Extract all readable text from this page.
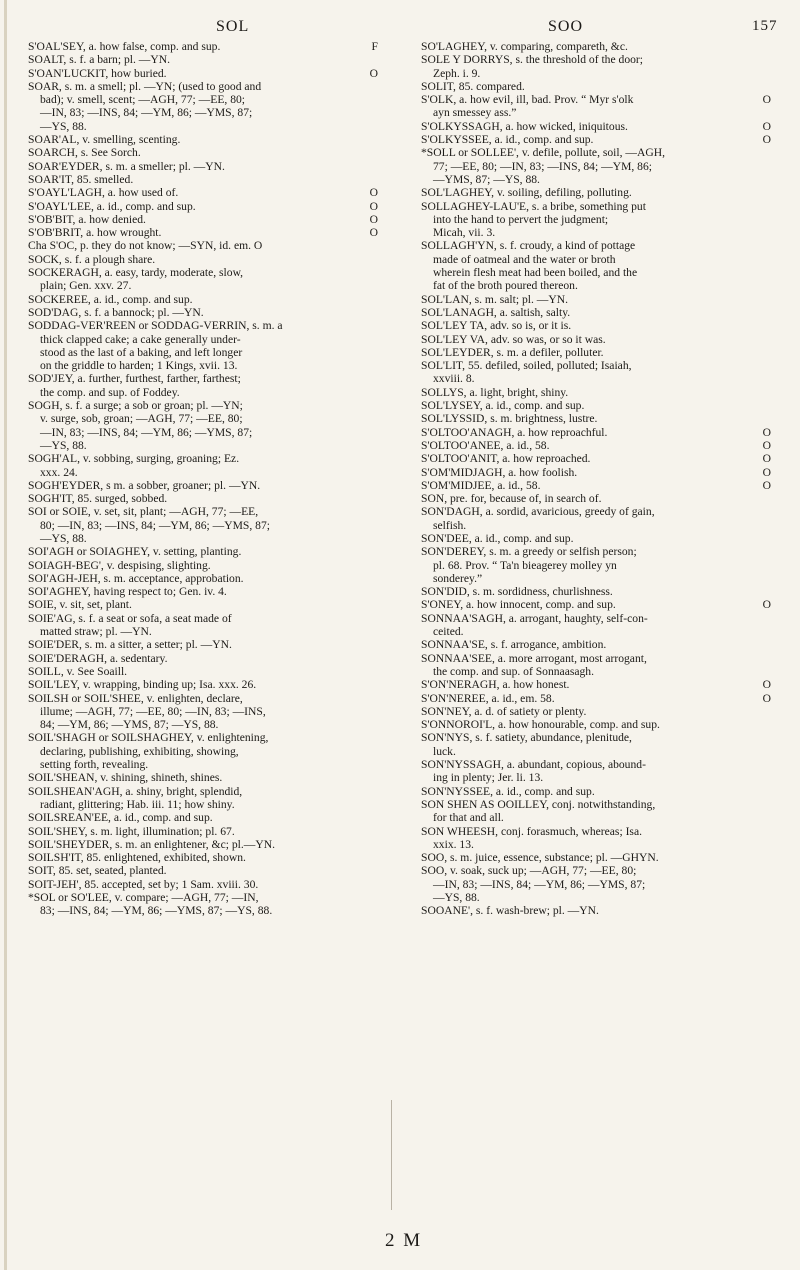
SOL	SOO	157
S'OAL'SEY, a. how false, comp. and sup.	F
SOALT, s. f. a barn; pl. —YN.
S'OAN'LUCKIT, how buried.	O
SOAR, s. m. a smell; pl. —YN; (used to good and
bad); v. smell, scent; —AGH, 77; —EE, 80;
—IN, 83; —INS, 84; —YM, 86; —YMS, 87;
—YS, 88.
SOAR'AL, v. smelling, scenting.
SOARCH, s. See Sorch.
SOAR'EYDER, s. m. a smeller; pl. —YN.
SOAR'IT, 85. smelled.
S'OAYL'LAGH, a. how used of.	O
S'OAYL'LEE, a. id., comp. and sup.	O
S'OB'BIT, a. how denied.	O
S'OB'BRIT, a. how wrought.	O
Cha S'OC, p. they do not know; —SYN, id. em. O
SOCK, s. f. a plough share.
SOCKERAGH, a. easy, tardy, moderate, slow,
plain; Gen. xxv. 27.
SOCKEREE, a. id., comp. and sup.
SOD'DAG, s. f. a bannock; pl. —YN.
SODDAG-VER'REEN or SODDAG-VERRIN, s. m. a
thick clapped cake; a cake generally under-
stood as the last of a baking, and left longer
on the griddle to harden; 1 Kings, xvii. 13.
SOD'JEY, a. further, furthest, farther, farthest;
the comp. and sup. of Foddey.
SOGH, s. f. a surge; a sob or groan; pl. —YN;
v. surge, sob, groan; —AGH, 77; —EE, 80;
—IN, 83; —INS, 84; —YM, 86; —YMS, 87;
—YS, 88.
SOGH'AL, v. sobbing, surging, groaning; Ez.
xxx. 24.
SOGH'EYDER, s m. a sobber, groaner; pl. —YN.
SOGH'IT, 85. surged, sobbed.
SOI or SOIE, v. set, sit, plant; —AGH, 77; —EE,
80; —IN, 83; —INS, 84; —YM, 86; —YMS, 87;
—YS, 88.
SOI'AGH or SOIAGHEY, v. setting, planting.
SOIAGH-BEG', v. despising, slighting.
SOI'AGH-JEH, s. m. acceptance, approbation.
SOI'AGHEY, having respect to; Gen. iv. 4.
SOIE, v. sit, set, plant.
SOIE'AG, s. f. a seat or sofa, a seat made of
matted straw; pl. —YN.
SOIE'DER, s. m. a sitter, a setter; pl. —YN.
SOIE'DERAGH, a. sedentary.
SOILL, v. See Soaill.
SOIL'LEY, v. wrapping, binding up; Isa. xxx. 26.
SOILSH or SOIL'SHEE, v. enlighten, declare,
illume; —AGH, 77; —EE, 80; —IN, 83; —INS,
84; —YM, 86; —YMS, 87; —YS, 88.
SOIL'SHAGH or SOILSHAGHEY, v. enlightening,
declaring, publishing, exhibiting, showing,
setting forth, revealing.
SOIL'SHEAN, v. shining, shineth, shines.
SOILSHEAN'AGH, a. shiny, bright, splendid,
radiant, glittering; Hab. iii. 11; how shiny.
SOILSREAN'EE, a. id., comp. and sup.
SOIL'SHEY, s. m. light, illumination; pl. 67.
SOIL'SHEYDER, s. m. an enlightener, &c; pl.—YN.
SOILSH'IT, 85. enlightened, exhibited, shown.
SOIT, 85. set, seated, planted.
SOIT-JEH', 85. accepted, set by; 1 Sam. xviii. 30.
*SOL or SO'LEE, v. compare; —AGH, 77; —IN,
83; —INS, 84; —YM, 86; —YMS, 87; —YS, 88.
SO'LAGHEY, v. comparing, compareth, &c.
SOLE Y DORRYS, s. the threshold of the door;
Zeph. i. 9.
SOLIT, 85. compared.
S'OLK, a. how evil, ill, bad. Prov. “ Myr s'olk	O
ayn smessey ass.”
S'OLKYSSAGH, a. how wicked, iniquitous.	O
S'OLKYSSEE, a. id., comp. and sup.	O
*SOLL or SOLLEE', v. defile, pollute, soil, —AGH,
77; —EE, 80; —IN, 83; —INS, 84; —YM, 86;
—YMS, 87; —YS, 88.
SOL'LAGHEY, v. soiling, defiling, polluting.
SOLLAGHEY-LAU'E, s. a bribe, something put
into the hand to pervert the judgment;
Micah, vii. 3.
SOLLAGH'YN, s. f. croudy, a kind of pottage
made of oatmeal and the water or broth
wherein flesh meat had been boiled, and the
fat of the broth poured thereon.
SOL'LAN, s. m. salt; pl. —YN.
SOL'LANAGH, a. saltish, salty.
SOL'LEY TA, adv. so is, or it is.
SOL'LEY VA, adv. so was, or so it was.
SOL'LEYDER, s. m. a defiler, polluter.
SOL'LIT, 55. defiled, soiled, polluted; Isaiah,
xxviii. 8.
SOLLYS, a. light, bright, shiny.
SOL'LYSEY, a. id., comp. and sup.
SOL'LYSSID, s. m. brightness, lustre.
S'OLTOO'ANAGH, a. how reproachful.	O
S'OLTOO'ANEE, a. id., 58.	O
S'OLTOO'ANIT, a. how reproached.	O
S'OM'MIDJAGH, a. how foolish.	O
S'OM'MIDJEE, a. id., 58.	O
SON, pre. for, because of, in search of.
SON'DAGH, a. sordid, avaricious, greedy of gain,
selfish.
SON'DEE, a. id., comp. and sup.
SON'DEREY, s. m. a greedy or selfish person;
pl. 68. Prov. “ Ta'n bieagerey molley yn
sonderey.”
SON'DID, s. m. sordidness, churlishness.
S'ONEY, a. how innocent, comp. and sup.	O
SONNAA'SAGH, a. arrogant, haughty, self-con-
ceited.
SONNAA'SE, s. f. arrogance, ambition.
SONNAA'SEE, a. more arrogant, most arrogant,
the comp. and sup. of Sonnaasagh.
S'ON'NERAGH, a. how honest.	O
S'ON'NEREE, a. id., em. 58.	O
SON'NEY, a. d. of satiety or plenty.
S'ONNOROI'L, a. how honourable, comp. and sup.
SON'NYS, s. f. satiety, abundance, plenitude,
luck.
SON'NYSSAGH, a. abundant, copious, abound-
ing in plenty; Jer. li. 13.
SON'NYSSEE, a. id., comp. and sup.
SON SHEN AS OOILLEY, conj. notwithstanding,
for that and all.
SON WHEESH, conj. forasmuch, whereas; Isa.
xxix. 13.
SOO, s. m. juice, essence, substance; pl. —GHYN.
SOO, v. soak, suck up; —AGH, 77; —EE, 80;
—IN, 83; —INS, 84; —YM, 86; —YMS, 87;
—YS, 88.
SOOANE', s. f. wash-brew; pl. —YN.
2 M
